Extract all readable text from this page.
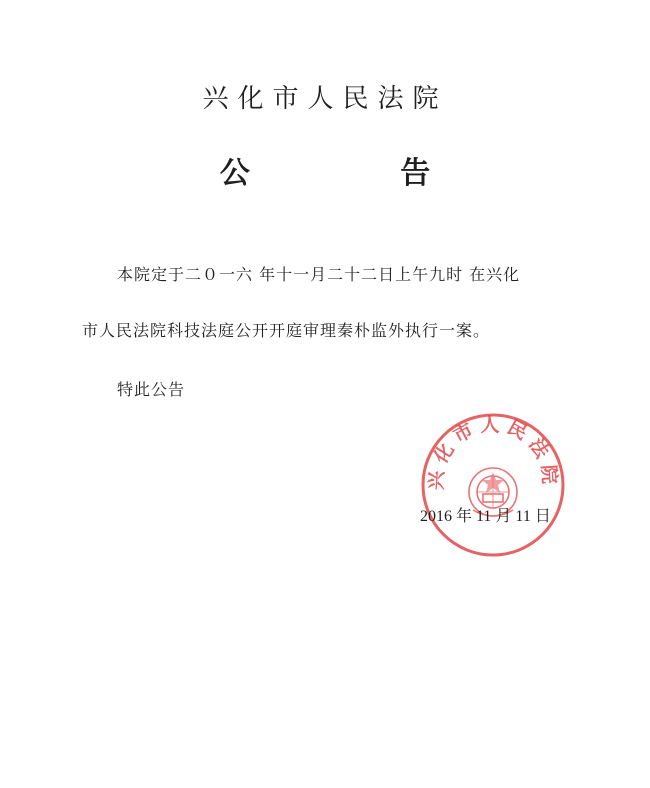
兴化市人民法院
公 告
本院定于二０一六 年十一月二十二日上午九时 在兴化
市人民法院科技法庭公开开庭审理秦朴监外执行一案。
特此公告
兴化市人民法院
2016 年 11 月 11 日
